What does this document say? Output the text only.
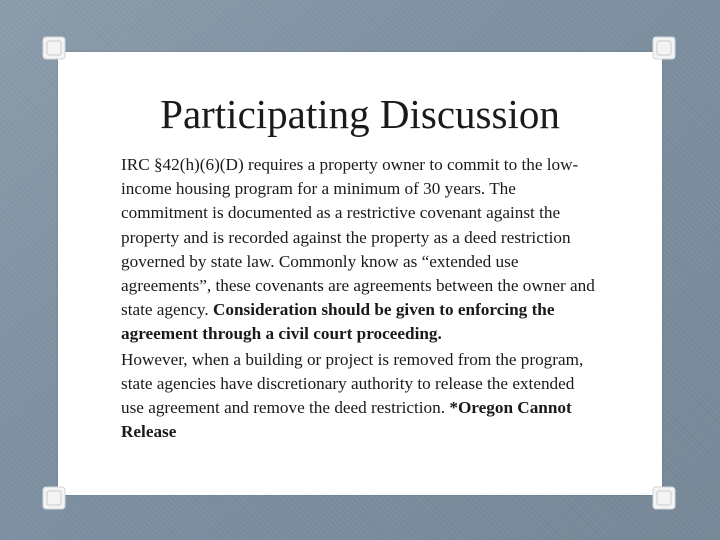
Participating Discussion

IRC §42(h)(6)(D) requires a property owner to commit to the low-income housing program for a minimum of 30 years. The commitment is documented as a restrictive covenant against the property and is recorded against the property as a deed restriction governed by state law. Commonly know as “extended use agreements”, these covenants are agreements between the owner and state agency. Consideration should be given to enforcing the agreement through a civil court proceeding.

However, when a building or project is removed from the program, state agencies have discretionary authority to release the extended use agreement and remove the deed restriction. *Oregon Cannot Release
